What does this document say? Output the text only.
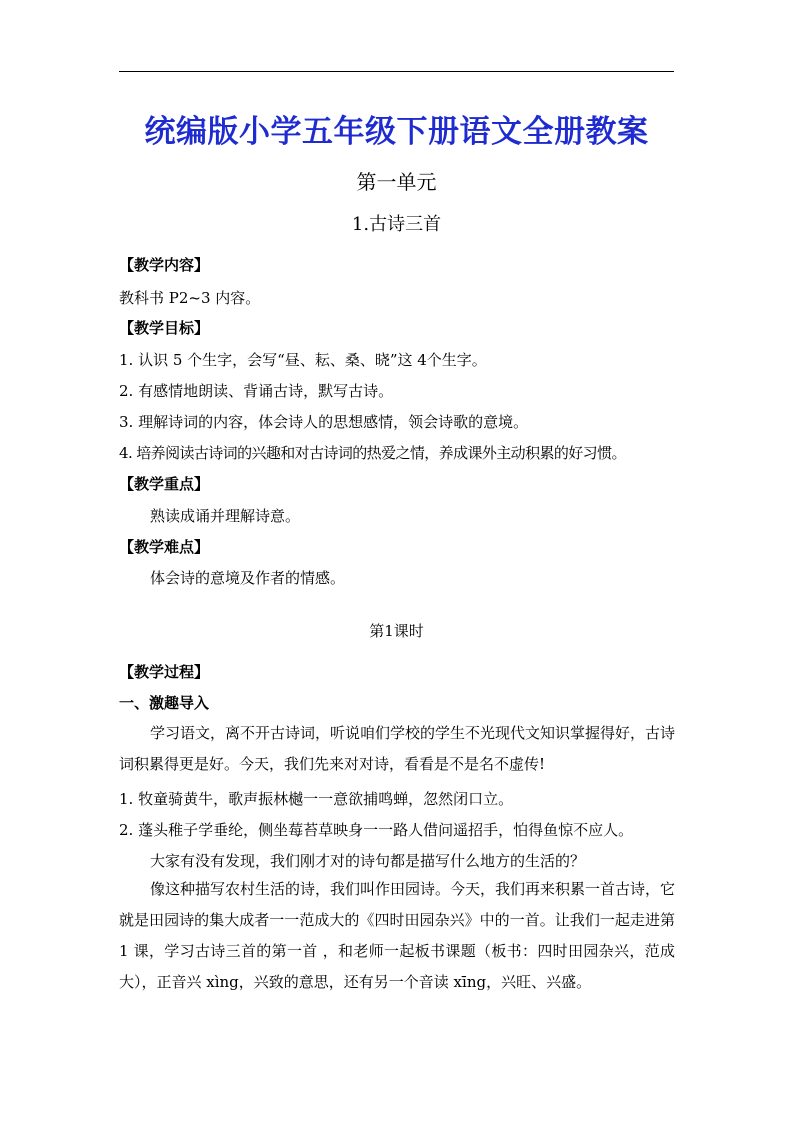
统编版小学五年级下册语文全册教案
第一单元
1.古诗三首
【教学内容】
教科书 P2~3 内容。
【教学目标】
1. 认识 5 个生字，会写“昼、耘、桑、晓”这 4个生字。
2. 有感情地朗读、背诵古诗，默写古诗。
3. 理解诗词的内容，体会诗人的思想感情，领会诗歌的意境。
4. 培养阅读古诗词的兴趣和对古诗词的热爱之情，养成课外主动积累的好习惯。
【教学重点】
熟读成诵并理解诗意。
【教学难点】
体会诗的意境及作者的情感。
第1课时
【教学过程】
一、激趣导入

学习语文，离不开古诗词，听说咱们学校的学生不光现代文知识掌握得好，古诗词积累得更是好。今天，我们先来对对诗，看看是不是名不虚传!

1. 牧童骑黄牛，歌声振林樾一一意欲捕鸣蝉，忽然闭口立。
2. 蓬头稚子学垂纶，侧坐莓苔草映身一一路人借问遥招手，怕得鱼惊不应人。
大家有没有发现，我们刚才对的诗句都是描写什么地方的生活的？

像这种描写农村生活的诗，我们叫作田园诗。今天，我们再来积累一首古诗，它就是田园诗的集大成者一一范成大的《四时田园杂兴》中的一首。让我们一起走进第 1 课，学习古诗三首的第一首 ，和老师一起板书课题（板书：四时田园杂兴，范成大），正音兴 xìng，兴致的意思，还有另一个音读 xīng，兴旺、兴盛。
